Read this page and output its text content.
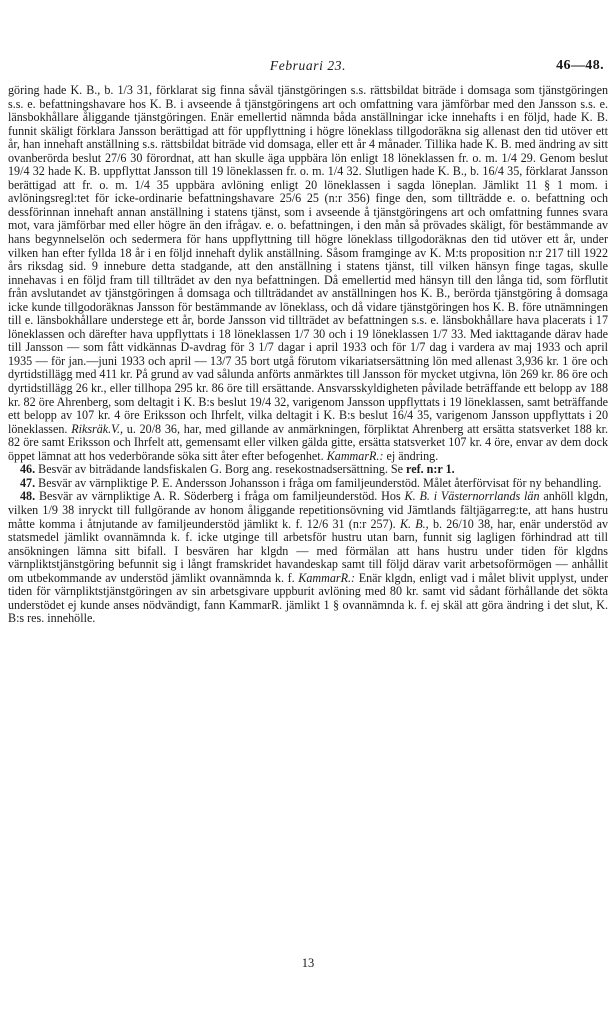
Februari 23.	46—48.

göring hade K. B., b. 1/3 31, förklarat sig finna såväl tjänstgöringen s.s. rättsbildat biträde i domsaga som tjänstgöringen s.s. e. befattningshavare hos K. B. i avseende å tjänstgöringens art och omfattning vara jämförbar med den Jansson s.s. e. länsbokhållare åliggande tjänstgöringen. Enär emellertid nämnda båda anställningar icke innehafts i en följd, hade K. B. funnit skäligt förklara Jansson berättigad att för uppflyttning i högre löneklass tillgodoräkna sig allenast den tid utöver ett år, han innehaft anställning s.s. rättsbildat biträde vid domsaga, eller ett år 4 månader. Tillika hade K. B. med ändring av sitt ovanberörda beslut 27/6 30 förordnat, att han skulle äga uppbära lön enligt 18 löneklassen fr. o. m. 1/4 29. Genom beslut 19/4 32 hade K. B. uppflyttat Jansson till 19 löneklassen fr. o. m. 1/4 32. Slutligen hade K. B., b. 16/4 35, förklarat Jansson berättigad att fr. o. m. 1/4 35 uppbära avlöning enligt 20 löneklassen i sagda löneplan. Jämlikt 11 § 1 mom. i avlöningsregl:tet för icke-ordinarie befattningshavare 25/6 25 (n:r 356) finge den, som tillträdde e. o. befattning och dessförinnan innehaft annan anställning i statens tjänst, som i avseende å tjänstgöringens art och omfattning funnes svara mot, vara jämförbar med eller högre än den ifrågav. e. o. befattningen, i den mån så prövades skäligt, för bestämmande av hans begynnelselön och sedermera för hans uppflyttning till högre löneklass tillgodoräknas den tid utöver ett år, under vilken han efter fyllda 18 år i en följd innehaft dylik anställning. Såsom framginge av K. M:ts proposition n:r 217 till 1922 års riksdag sid. 9 innebure detta stadgande, att den anställning i statens tjänst, till vilken hänsyn finge tagas, skulle innehavas i en följd fram till tillträdet av den nya befattningen. Då emellertid med hänsyn till den långa tid, som förflutit från avslutandet av tjänstgöringen å domsaga och tillträdandet av anställningen hos K. B., berörda tjänstgöring å domsaga icke kunde tillgodoräknas Jansson för bestämmande av löneklass, och då vidare tjänstgöringen hos K. B. före utnämningen till e. länsbokhållare understege ett år, borde Jansson vid tillträdet av befattningen s.s. e. länsbokhållare hava placerats i 17 löneklassen och därefter hava uppflyttats i 18 löneklassen 1/7 30 och i 19 löneklassen 1/7 33. Med iakttagande därav hade till Jansson — som fått vidkännas D-avdrag för 3 1/7 dagar i april 1933 och för 1/7 dag i vardera av maj 1933 och april 1935 — för jan.—juni 1933 och april — 13/7 35 bort utgå förutom vikariatsersättning lön med allenast 3,936 kr. 1 öre och dyrtidstillägg med 411 kr. På grund av vad sålunda anförts anmärktes till Jansson för mycket utgivna, lön 269 kr. 86 öre och dyrtidstillägg 26 kr., eller tillhopa 295 kr. 86 öre till ersättande. Ansvarsskyldigheten påvilade beträffande ett belopp av 188 kr. 82 öre Ahrenberg, som deltagit i K. B:s beslut 19/4 32, varigenom Jansson uppflyttats i 19 löneklassen, samt beträffande ett belopp av 107 kr. 4 öre Eriksson och Ihrfelt, vilka deltagit i K. B:s beslut 16/4 35, varigenom Jansson uppflyttats i 20 löneklassen. Riksräk.V., u. 20/8 36, har, med gillande av anmärkningen, förpliktat Ahrenberg att ersätta statsverket 188 kr. 82 öre samt Eriksson och Ihrfelt att, gemensamt eller vilken gälda gitte, ersätta statsverket 107 kr. 4 öre, envar av dem dock öppet lämnat att hos vederbörande söka sitt åter efter befogenhet. KammarR.: ej ändring.

46. Besvär av biträdande landsfiskalen G. Borg ang. resekostnadsersättning. Se ref. n:r 1.

47. Besvär av värnpliktige P. E. Andersson Johansson i fråga om familjeunderstöd. Målet återförvisat för ny behandling.

48. Besvär av värnpliktige A. R. Söderberg i fråga om familjeunderstöd. Hos K. B. i Västernorrlands län anhöll klgdn, vilken 1/9 38 inryckt till fullgörande av honom åliggande repetitionsövning vid Jämtlands fältjägarreg:te, att hans hustru måtte komma i åtnjutande av familjeunderstöd jämlikt k. f. 12/6 31 (n:r 257). K. B., b. 26/10 38, har, enär understöd av statsmedel jämlikt ovannämnda k. f. icke utginge till arbetsför hustru utan barn, funnit sig lagligen förhindrad att till ansökningen lämna sitt bifall. I besvären har klgdn — med förmälan att hans hustru under tiden för klgdns värnpliktstjänstgöring befunnit sig i långt framskridet havandeskap samt till följd därav varit arbetsoförmögen — anhållit om utbekommande av understöd jämlikt ovannämnda k. f. KammarR.: Enär klgdn, enligt vad i målet blivit upplyst, under tiden för värnpliktstjänstgöringen av sin arbetsgivare uppburit avlöning med 80 kr. samt vid sådant förhållande det sökta understödet ej kunde anses nödvändigt, fann KammarR. jämlikt 1 § ovannämnda k. f. ej skäl att göra ändring i det slut, K. B:s res. innehölle.

13
